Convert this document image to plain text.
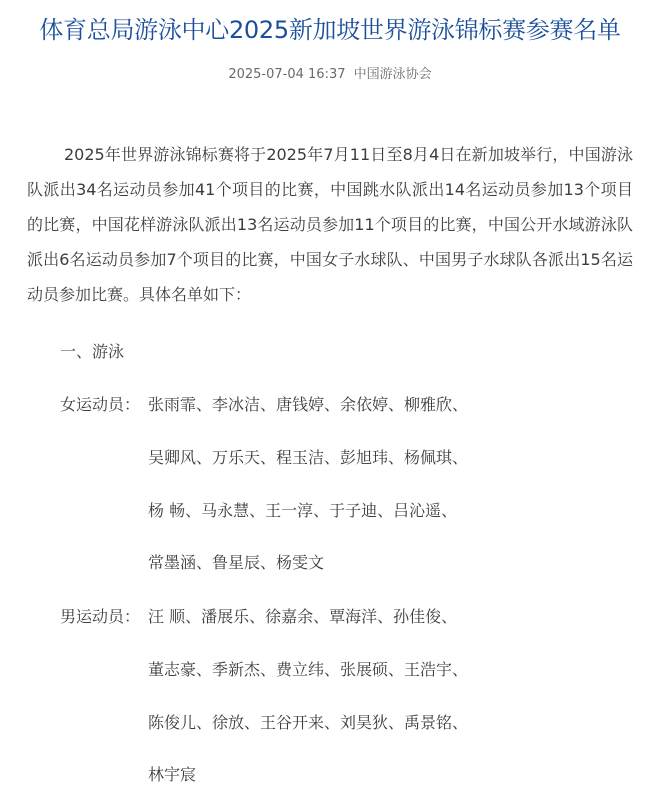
体育总局游泳中心2025新加坡世界游泳锦标赛参赛名单
2025-07-04 16:37 中国游泳协会

2025年世界游泳锦标赛将于2025年7月11日至8月4日在新加坡举行，中国游泳队派出34名运动员参加41个项目的比赛，中国跳水队派出14名运动员参加13个项目的比赛，中国花样游泳队派出13名运动员参加11个项目的比赛，中国公开水域游泳队派出6名运动员参加7个项目的比赛，中国女子水球队、中国男子水球队各派出15名运动员参加比赛。具体名单如下：

一、游泳
女运动员： 张雨霏、李冰洁、唐钱婷、余依婷、柳雅欣、
吴卿风、万乐天、程玉洁、彭旭玮、杨佩琪、
杨 畅、马永慧、王一淳、于子迪、吕沁遥、
常墨涵、鲁星辰、杨雯文
男运动员： 汪 顺、潘展乐、徐嘉余、覃海洋、孙佳俊、
董志豪、季新杰、费立纬、张展硕、王浩宇、
陈俊儿、徐放、王谷开来、刘昊狄、禹景铭、
林宇宸
